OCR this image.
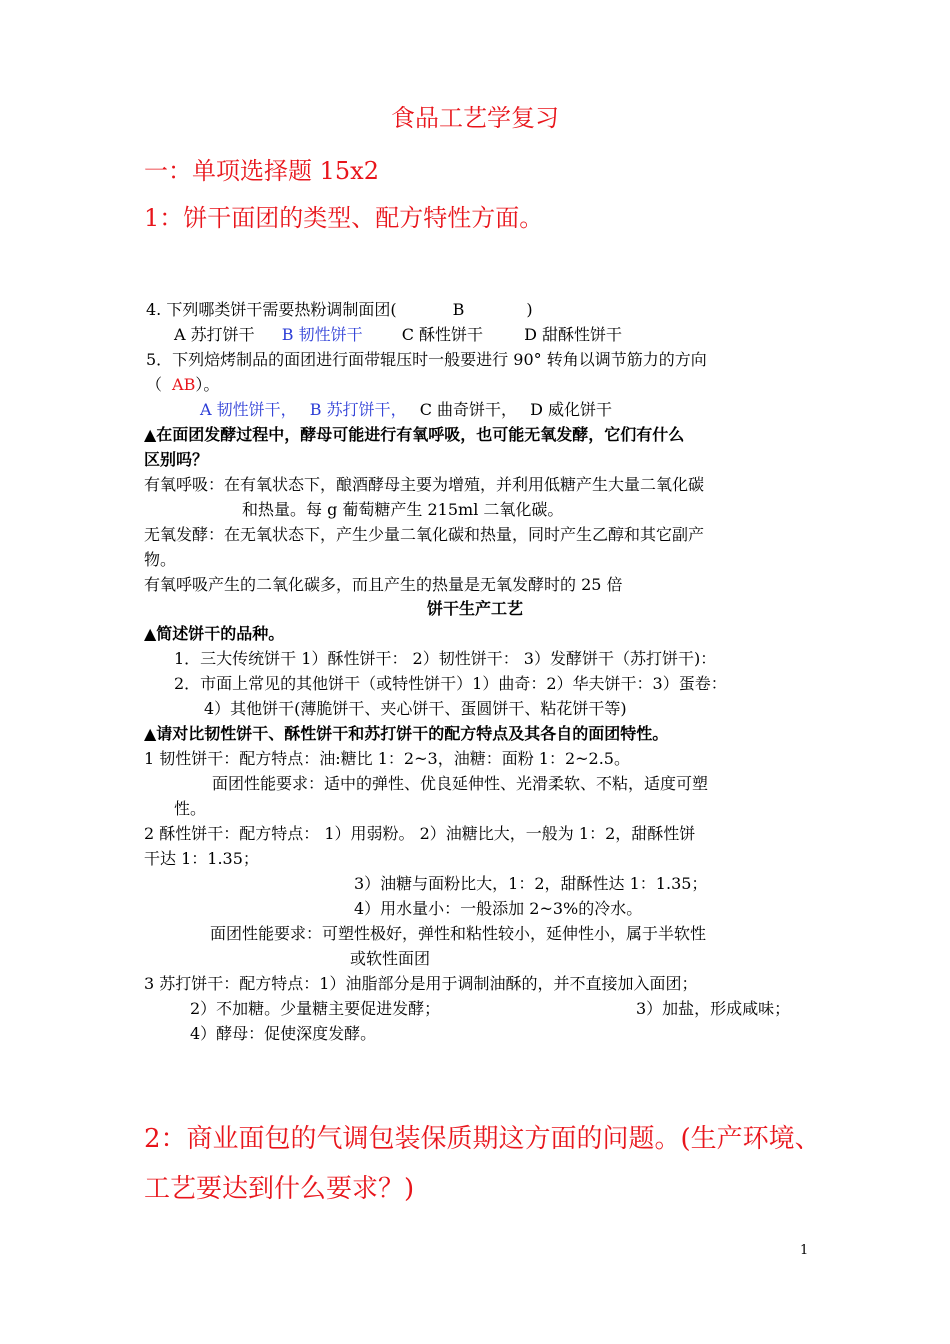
食品工艺学复习
一：单项选择题 15x2
1：饼干面团的类型、配方特性方面。
4. 下列哪类饼干需要热粉调制面团(	B	)
A 苏打饼干 B 韧性饼干 C 酥性饼干	D 甜酥性饼干
5．下列焙烤制品的面团进行面带辊压时一般要进行 90° 转角以调节筋力的方向
（ AB）。
A 韧性饼干， B 苏打饼干， C 曲奇饼干， D 威化饼干
▲在面团发酵过程中，酵母可能进行有氧呼吸，也可能无氧发酵，它们有什么
区别吗？
有氧呼吸：在有氧状态下，酿酒酵母主要为增殖，并利用低糖产生大量二氧化碳
和热量。每 g 葡萄糖产生 215ml 二氧化碳。
无氧发酵：在无氧状态下，产生少量二氧化碳和热量，同时产生乙醇和其它副产
物。
有氧呼吸产生的二氧化碳多，而且产生的热量是无氧发酵时的 25 倍
饼干生产工艺
▲简述饼干的品种。
1．三大传统饼干 1）酥性饼干： 2）韧性饼干： 3）发酵饼干（苏打饼干)：
2．市面上常见的其他饼干（或特性饼干）1）曲奇：2）华夫饼干：3）蛋卷：
4）其他饼干(薄脆饼干、夹心饼干、蛋圆饼干、粘花饼干等)
▲请对比韧性饼干、酥性饼干和苏打饼干的配方特点及其各自的面团特性。
1 韧性饼干：配方特点：油:糖比 1：2~3，油糖：面粉 1：2~2.5。
面团性能要求：适中的弹性、优良延伸性、光滑柔软、不粘，适度可塑
性。
2 酥性饼干：配方特点： 1）用弱粉。 2）油糖比大，一般为 1：2，甜酥性饼
干达 1：1.35；
3）油糖与面粉比大，1：2，甜酥性达 1：1.35；
4）用水量小：一般添加 2~3%的冷水。
面团性能要求：可塑性极好，弹性和粘性较小，延伸性小，属于半软性
或软性面团
3 苏打饼干：配方特点：1）油脂部分是用于调制油酥的，并不直接加入面团；
2）不加糖。少量糖主要促进发酵；	3）加盐，形成咸味；
4）酵母：促使深度发酵。
2：商业面包的气调包装保质期这方面的问题。(生产环境、
工艺要达到什么要求？)
1
